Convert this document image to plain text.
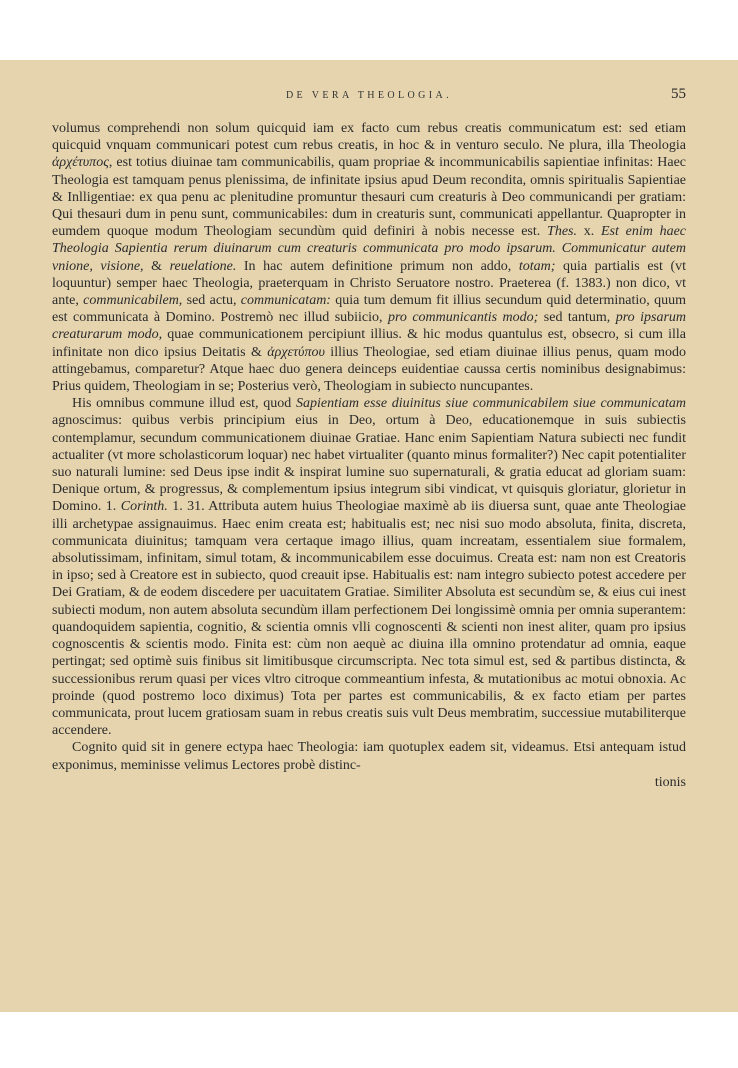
DE VERA THEOLOGIA.	55

volumus comprehendi non solum quicquid iam ex facto cum rebus creatis communicatum est: sed etiam quicquid vnquam communicari potest cum rebus creatis, in hoc & in venturo seculo. Ne plura, illa Theologia ἀρχέτυπος, est totius diuinae tam communicabilis, quam propriae & incommunicabilis sapientiae infinitas: Haec Theologia est tamquam penus plenissima, de infinitate ipsius apud Deum recondita, omnis spiritualis Sapientiae & Inlligentiae: ex qua penu ac plenitudine promuntur thesauri cum creaturis à Deo communicandi per gratiam: Qui thesauri dum in penu sunt, communicabiles: dum in creaturis sunt, communicati appellantur. Quapropter in eumdem quoque modum Theologiam secundùm quid definiri à nobis necesse est. Thes. x. Est enim haec Theologia Sapientia rerum diuinarum cum creaturis communicata pro modo ipsarum. Communicatur autem vnione, visione, & reuelatione. In hac autem definitione primum non addo, totam; quia partialis est (vt loquuntur) semper haec Theologia, praeterquam in Christo Seruatore nostro. Praeterea (f. 1383.) non dico, vt ante, communicabilem, sed actu, communicatam: quia tum demum fit illius secundum quid determinatio, quum est communicata à Domino. Postremò nec illud subiicio, pro communicantis modo; sed tantum, pro ipsarum creaturarum modo, quae communicationem percipiunt illius. & hic modus quantulus est, obsecro, si cum illa infinitate non dico ipsius Deitatis & ἀρχετύπου illius Theologiae, sed etiam diuinae illius penus, quam modo attingebamus, comparetur? Atque haec duo genera deinceps euidentiae caussa certis nominibus designabimus: Prius quidem, Theologiam in se; Posterius verò, Theologiam in subiecto nuncupantes.

His omnibus commune illud est, quod Sapientiam esse diuinitus siue communicabilem siue communicatam agnoscimus: quibus verbis principium eius in Deo, ortum à Deo, educationemque in suis subiectis contemplamur, secundum communicationem diuinae Gratiae. Hanc enim Sapientiam Natura subiecti nec fundit actualiter (vt more scholasticorum loquar) nec habet virtualiter (quanto minus formaliter?) Nec capit potentialiter suo naturali lumine: sed Deus ipse indit & inspirat lumine suo supernaturali, & gratia educat ad gloriam suam: Denique ortum, & progressus, & complementum ipsius integrum sibi vindicat, vt quisquis gloriatur, glorietur in Domino. 1. Corinth. 1. 31. Attributa autem huius Theologiae maximè ab iis diuersa sunt, quae ante Theologiae illi archetypae assignauimus. Haec enim creata est; habitualis est; nec nisi suo modo absoluta, finita, discreta, communicata diuinitus; tamquam vera certaque imago illius, quam increatam, essentialem siue formalem, absolutissimam, infinitam, simul totam, & incommunicabilem esse docuimus. Creata est: nam non est Creatoris in ipso; sed à Creatore est in subiecto, quod creauit ipse. Habitualis est: nam integro subiecto potest accedere per Dei Gratiam, & de eodem discedere per uacuitatem Gratiae. Similiter Absoluta est secundùm se, & eius cui inest subiecti modum, non autem absoluta secundùm illam perfectionem Dei longissimè omnia per omnia superantem: quandoquidem sapientia, cognitio, & scientia omnis vlli cognoscenti & scienti non inest aliter, quam pro ipsius cognoscentis & scientis modo. Finita est: cùm non aequè ac diuina illa omnino protendatur ad omnia, eaque pertingat; sed optimè suis finibus sit limitibusque circumscripta. Nec tota simul est, sed & partibus distincta, & successionibus rerum quasi per vices vltro citroque commeantium infesta, & mutationibus ac motui obnoxia. Ac proinde (quod postremo loco diximus) Tota per partes est communicabilis, & ex facto etiam per partes communicata, prout lucem gratiosam suam in rebus creatis suis vult Deus membratim, successiue mutabiliterque accendere.

Cognito quid sit in genere ectypa haec Theologia: iam quotuplex eadem sit, videamus. Etsi antequam istud exponimus, meminisse velimus Lectores probè distinc-

tionis
